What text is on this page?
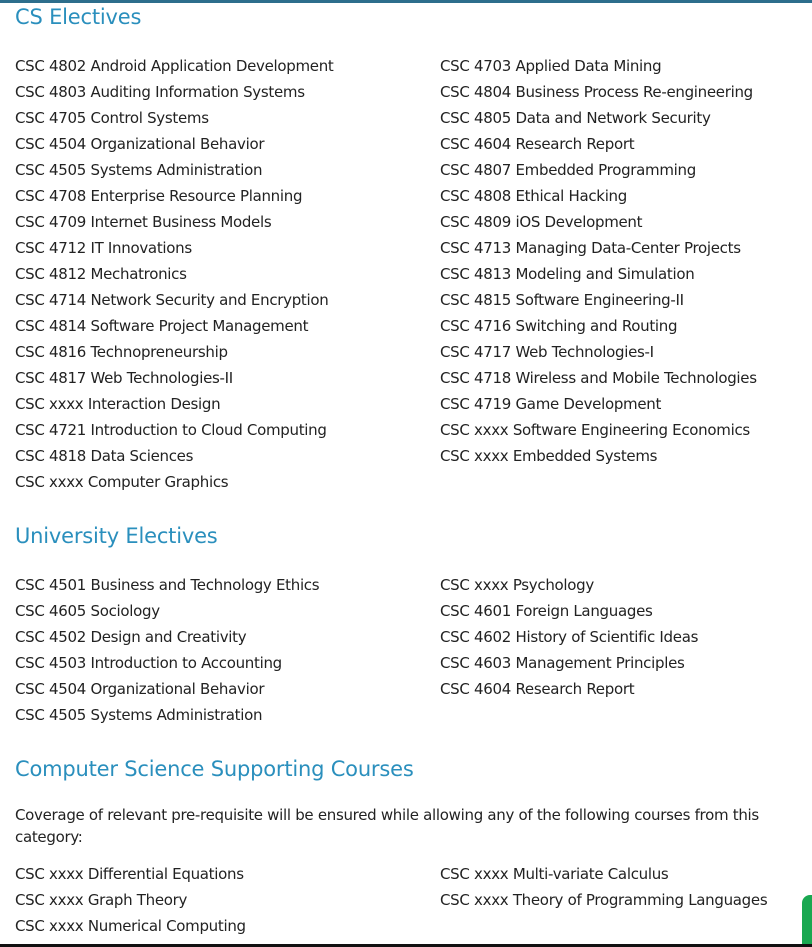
CS Electives
CSC 4802 Android Application Development
CSC 4803 Auditing Information Systems
CSC 4705 Control Systems
CSC 4504 Organizational Behavior
CSC 4505 Systems Administration
CSC 4708 Enterprise Resource Planning
CSC 4709 Internet Business Models
CSC 4712 IT Innovations
CSC 4812 Mechatronics
CSC 4714 Network Security and Encryption
CSC 4814 Software Project Management
CSC 4816 Technopreneurship
CSC 4817 Web Technologies-II
CSC xxxx Interaction Design
CSC 4721 Introduction to Cloud Computing
CSC 4818 Data Sciences
CSC xxxx Computer Graphics
CSC 4703 Applied Data Mining
CSC 4804 Business Process Re-engineering
CSC 4805 Data and Network Security
CSC 4604 Research Report
CSC 4807 Embedded Programming
CSC 4808 Ethical Hacking
CSC 4809 iOS Development
CSC 4713 Managing Data-Center Projects
CSC 4813 Modeling and Simulation
CSC 4815 Software Engineering-II
CSC 4716 Switching and Routing
CSC 4717 Web Technologies-I
CSC 4718 Wireless and Mobile Technologies
CSC 4719 Game Development
CSC xxxx Software Engineering Economics
CSC xxxx Embedded Systems
University Electives
CSC 4501 Business and Technology Ethics
CSC 4605 Sociology
CSC 4502 Design and Creativity
CSC 4503 Introduction to Accounting
CSC 4504 Organizational Behavior
CSC 4505 Systems Administration
CSC xxxx Psychology
CSC 4601 Foreign Languages
CSC 4602 History of Scientific Ideas
CSC 4603 Management Principles
CSC 4604 Research Report
Computer Science Supporting Courses

Coverage of relevant pre-requisite will be ensured while allowing any of the following courses from this category:

CSC xxxx Differential Equations
CSC xxxx Graph Theory
CSC xxxx Numerical Computing
CSC xxxx Multi-variate Calculus
CSC xxxx Theory of Programming Languages
